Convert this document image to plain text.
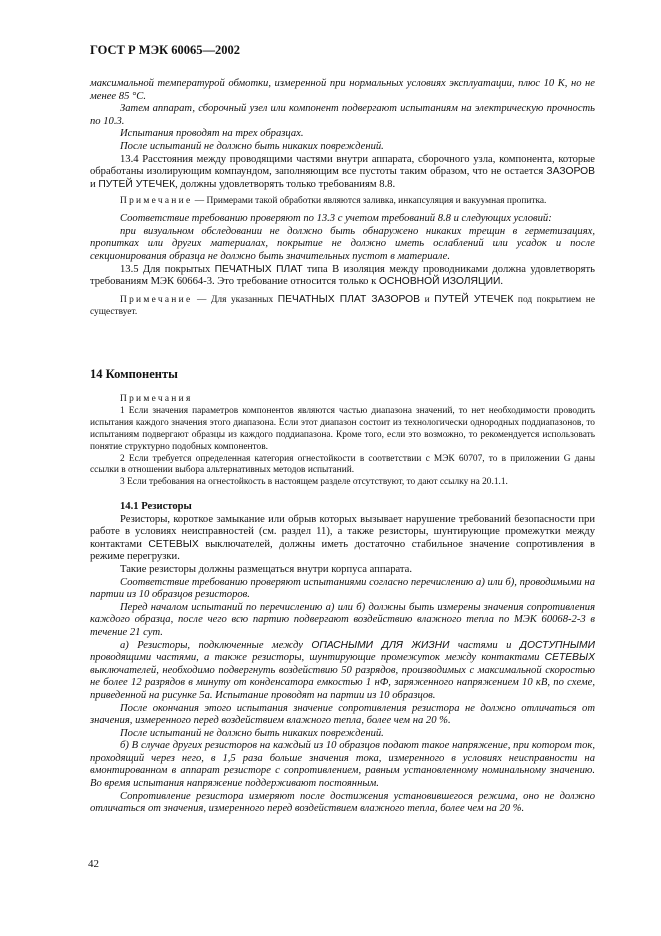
ГОСТ Р МЭК 60065—2002

максимальной температурой обмотки, измеренной при нормальных условиях эксплуатации, плюс 10 К, но не менее 85 °С.

Затем аппарат, сборочный узел или компонент подвергают испытаниям на электрическую прочность по 10.3.

Испытания проводят на трех образцах.

После испытаний не должно быть никаких повреждений.

13.4 Расстояния между проводящими частями внутри аппарата, сборочного узла, компонента, которые обработаны изолирующим компаундом, заполняющим все пустоты таким образом, что не остается ЗАЗОРОВ и ПУТЕЙ УТЕЧЕК, должны удовлетворять только требованиям 8.8.

Примечание — Примерами такой обработки являются заливка, инкапсуляция и вакуумная пропитка.

Соответствие требованию проверяют по 13.3 с учетом требований 8.8 и следующих условий:

при визуальном обследовании не должно быть обнаружено никаких трещин в герметизациях, пропитках или других материалах, покрытие не должно иметь ослаблений или усадок и после секционирования образца не должно быть значительных пустот в материале.

13.5 Для покрытых ПЕЧАТНЫХ ПЛАТ типа В изоляция между проводниками должна удовлетворять требованиям МЭК 60664-3. Это требование относится только к ОСНОВНОЙ ИЗОЛЯЦИИ.

Примечание — Для указанных ПЕЧАТНЫХ ПЛАТ ЗАЗОРОВ и ПУТЕЙ УТЕЧЕК под покрытием не существует.

14 Компоненты

Примечания

1 Если значения параметров компонентов являются частью диапазона значений, то нет необходимости проводить испытания каждого значения этого диапазона. Если этот диапазон состоит из технологически однородных поддиапазонов, то испытаниям подвергают образцы из каждого поддиапазона. Кроме того, если это возможно, то рекомендуется использовать понятие структурно подобных компонентов.

2 Если требуется определенная категория огнестойкости в соответствии с МЭК 60707, то в приложении G даны ссылки в отношении выбора альтернативных методов испытаний.

3 Если требования на огнестойкость в настоящем разделе отсутствуют, то дают ссылку на 20.1.1.

14.1 Резисторы

Резисторы, короткое замыкание или обрыв которых вызывает нарушение требований безопасности при работе в условиях неисправностей (см. раздел 11), а также резисторы, шунтирующие промежутки между контактами СЕТЕВЫХ выключателей, должны иметь достаточно стабильное значение сопротивления в режиме перегрузки.

Такие резисторы должны размещаться внутри корпуса аппарата.

Соответствие требованию проверяют испытаниями согласно перечислению а) или б), проводимыми на партии из 10 образцов резисторов.

Перед началом испытаний по перечислению а) или б) должны быть измерены значения сопротивления каждого образца, после чего всю партию подвергают воздействию влажного тепла по МЭК 60068-2-3 в течение 21 сут.

а) Резисторы, подключенные между ОПАСНЫМИ ДЛЯ ЖИЗНИ частями и ДОСТУПНЫМИ проводящими частями, а также резисторы, шунтирующие промежуток между контактами СЕТЕВЫХ выключателей, необходимо подвергнуть воздействию 50 разрядов, производимых с максимальной скоростью не более 12 разрядов в минуту от конденсатора емкостью 1 нФ, заряженного напряжением 10 кВ, по схеме, приведенной на рисунке 5а. Испытание проводят на партии из 10 образцов.

После окончания этого испытания значение сопротивления резистора не должно отличаться от значения, измеренного перед воздействием влажного тепла, более чем на 20 %.

После испытаний не должно быть никаких повреждений.

б) В случае других резисторов на каждый из 10 образцов подают такое напряжение, при котором ток, проходящий через него, в 1,5 раза больше значения тока, измеренного в условиях неисправности на вмонтированном в аппарат резисторе с сопротивлением, равным установленному номинальному значению. Во время испытания напряжение поддерживают постоянным.

Сопротивление резистора измеряют после достижения установившегося режима, оно не должно отличаться от значения, измеренного перед воздействием влажного тепла, более чем на 20 %.

42
